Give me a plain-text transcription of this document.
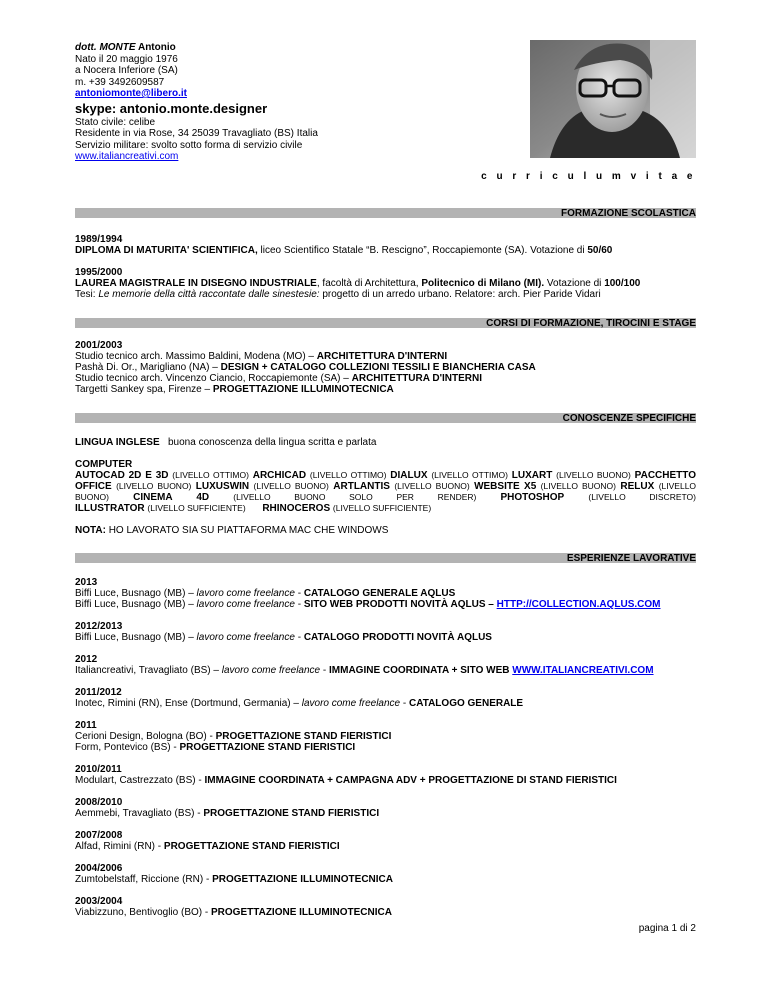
dott. MONTE Antonio
Nato il 20 maggio 1976
a Nocera Inferiore (SA)
m. +39 3492609587
antoniomonte@libero.it
skype: antonio.monte.designer
Stato civile: celibe
Residente in via Rose, 34 25039 Travagliato (BS) Italia
Servizio militare: svolto sotto forma di servizio civile
www.italiancreativi.com
c u r r i c u l u m v i t a e
FORMAZIONE SCOLASTICA
1989/1994
DIPLOMA DI MATURITA' SCIENTIFICA, liceo Scientifico Statale “B. Rescigno”, Roccapiemonte (SA). Votazione di 50/60
1995/2000
LAUREA MAGISTRALE IN DISEGNO INDUSTRIALE, facoltà di Architettura, Politecnico di Milano (MI). Votazione di 100/100
Tesi: Le memorie della città raccontate dalle sinestesie: progetto di un arredo urbano. Relatore: arch. Pier Paride Vidari
CORSI DI FORMAZIONE, TIROCINI E STAGE
2001/2003
Studio tecnico arch. Massimo Baldini, Modena (MO) – ARCHITETTURA D'INTERNI
Pashà Di. Or., Marigliano (NA) – DESIGN + CATALOGO COLLEZIONI TESSILI E BIANCHERIA CASA
Studio tecnico arch. Vincenzo Ciancio, Roccapiemonte (SA) – ARCHITETTURA D'INTERNI
Targetti Sankey spa, Firenze – PROGETTAZIONE ILLUMINOTECNICA
CONOSCENZE SPECIFICHE
LINGUA INGLESE buona conoscenza della lingua scritta e parlata
COMPUTER
AUTOCAD 2D E 3D (LIVELLO OTTIMO) ARCHICAD (LIVELLO OTTIMO) DIALUX (LIVELLO OTTIMO) LUXART (LIVELLO BUONO) PACCHETTO OFFICE (LIVELLO BUONO) LUXUSWIN (LIVELLO BUONO) ARTLANTIS (LIVELLO BUONO) WEBSITE X5 (LIVELLO BUONO) RELUX (LIVELLO BUONO) CINEMA 4D	(LIVELLO BUONO SOLO PER RENDER) PHOTOSHOP	(LIVELLO DISCRETO)
ILLUSTRATOR (LIVELLO SUFFICIENTE) RHINOCEROS (LIVELLO SUFFICIENTE)
NOTA: HO LAVORATO SIA SU PIATTAFORMA MAC CHE WINDOWS
ESPERIENZE LAVORATIVE
2013
Biffi Luce, Busnago (MB) – lavoro come freelance - CATALOGO GENERALE AQLUS
Biffi Luce, Busnago (MB) – lavoro come freelance - SITO WEB PRODOTTI NOVITÀ AQLUS – HTTP://COLLECTION.AQLUS.COM
2012/2013
Biffi Luce, Busnago (MB) – lavoro come freelance - CATALOGO PRODOTTI NOVITÀ AQLUS
2012
Italiancreativi, Travagliato (BS) – lavoro come freelance - IMMAGINE COORDINATA + SITO WEB WWW.ITALIANCREATIVI.COM
2011/2012
Inotec, Rimini (RN), Ense (Dortmund, Germania) – lavoro come freelance - CATALOGO GENERALE
2011
Cerioni Design, Bologna (BO) - PROGETTAZIONE STAND FIERISTICI
Form, Pontevico (BS) - PROGETTAZIONE STAND FIERISTICI
2010/2011
Modulart, Castrezzato (BS) - IMMAGINE COORDINATA + CAMPAGNA ADV + PROGETTAZIONE DI STAND FIERISTICI
2008/2010
Aemmebi, Travagliato (BS) - PROGETTAZIONE STAND FIERISTICI
2007/2008
Alfad, Rimini (RN) - PROGETTAZIONE STAND FIERISTICI
2004/2006
Zumtobelstaff, Riccione (RN) - PROGETTAZIONE ILLUMINOTECNICA
2003/2004
Viabizzuno, Bentivoglio (BO) - PROGETTAZIONE ILLUMINOTECNICA
pagina 1 di 2
